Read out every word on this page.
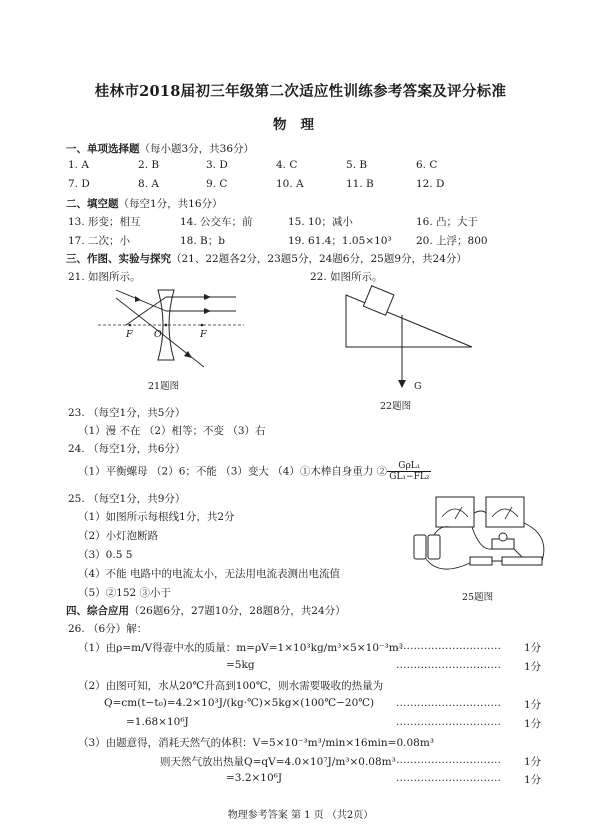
桂林市2018届初三年级第二次适应性训练参考答案及评分标准
物理
一、单项选择题（每小题3分，共36分）
1. A	2. B	3. D	4. C	5. B	6. C
7. D	8. A	9. C	10. A	11. B	12. D
二、填空题（每空1分，共16分）
13. 形变；相互	14. 公交车；前	15. 10；减小	16. 凸；大于
17. 二次；小	18. B；b	19. 61.4；1.05×10³ 20. 上浮；800
三、作图、实验与探究（21、22题各2分，23题5分，24题6分，25题9分，共24分）
21. 如图所示。	22. 如图所示。
F O	F
21题图	G
22题图
23. （每空1分，共5分）
（1）漫 不在 （2）相等；不变 （3）右
24. （每空1分，共6分）
（1）平衡螺母 （2）6；不能 （3）变大 （4）①木棒自身重力 ② $\frac{\text{GρL₁}}{\text{GL₁−FL₂}}$
25. （每空1分，共9分）
（1）如图所示每根线1分，共2分
（2）小灯泡断路
（3）0.5 5
（4）不能 电路中的电流太小，无法用电流表测出电流值
（5）②152 ③小于	25题图
四、综合应用（26题6分，27题10分，28题8分，共24分）
26. （6分）解：
（1）由ρ=m/V得壶中水的质量：m=ρV=1×10³kg/m³×5×10⁻³m³
………………………… 1分
=5kg	………………………… 1分
（2）由图可知，水从20℃升高到100℃，则水需要吸收的热量为
Q=cm(t−t₀)=4.2×10³J/(kg·℃)×5kg×(100℃−20℃) ………………………… 1分
=1.68×10⁶J	………………………… 1分
（3）由题意得，消耗天然气的体积：V=5×10⁻³m³/min×16min=0.08m³
则天然气放出热量Q=qV=4.0×10⁷J/m³×0.08m³ ………………………… 1分
=3.2×10⁶J	………………………… 1分
物理参考答案 第 1 页 （共2页）
